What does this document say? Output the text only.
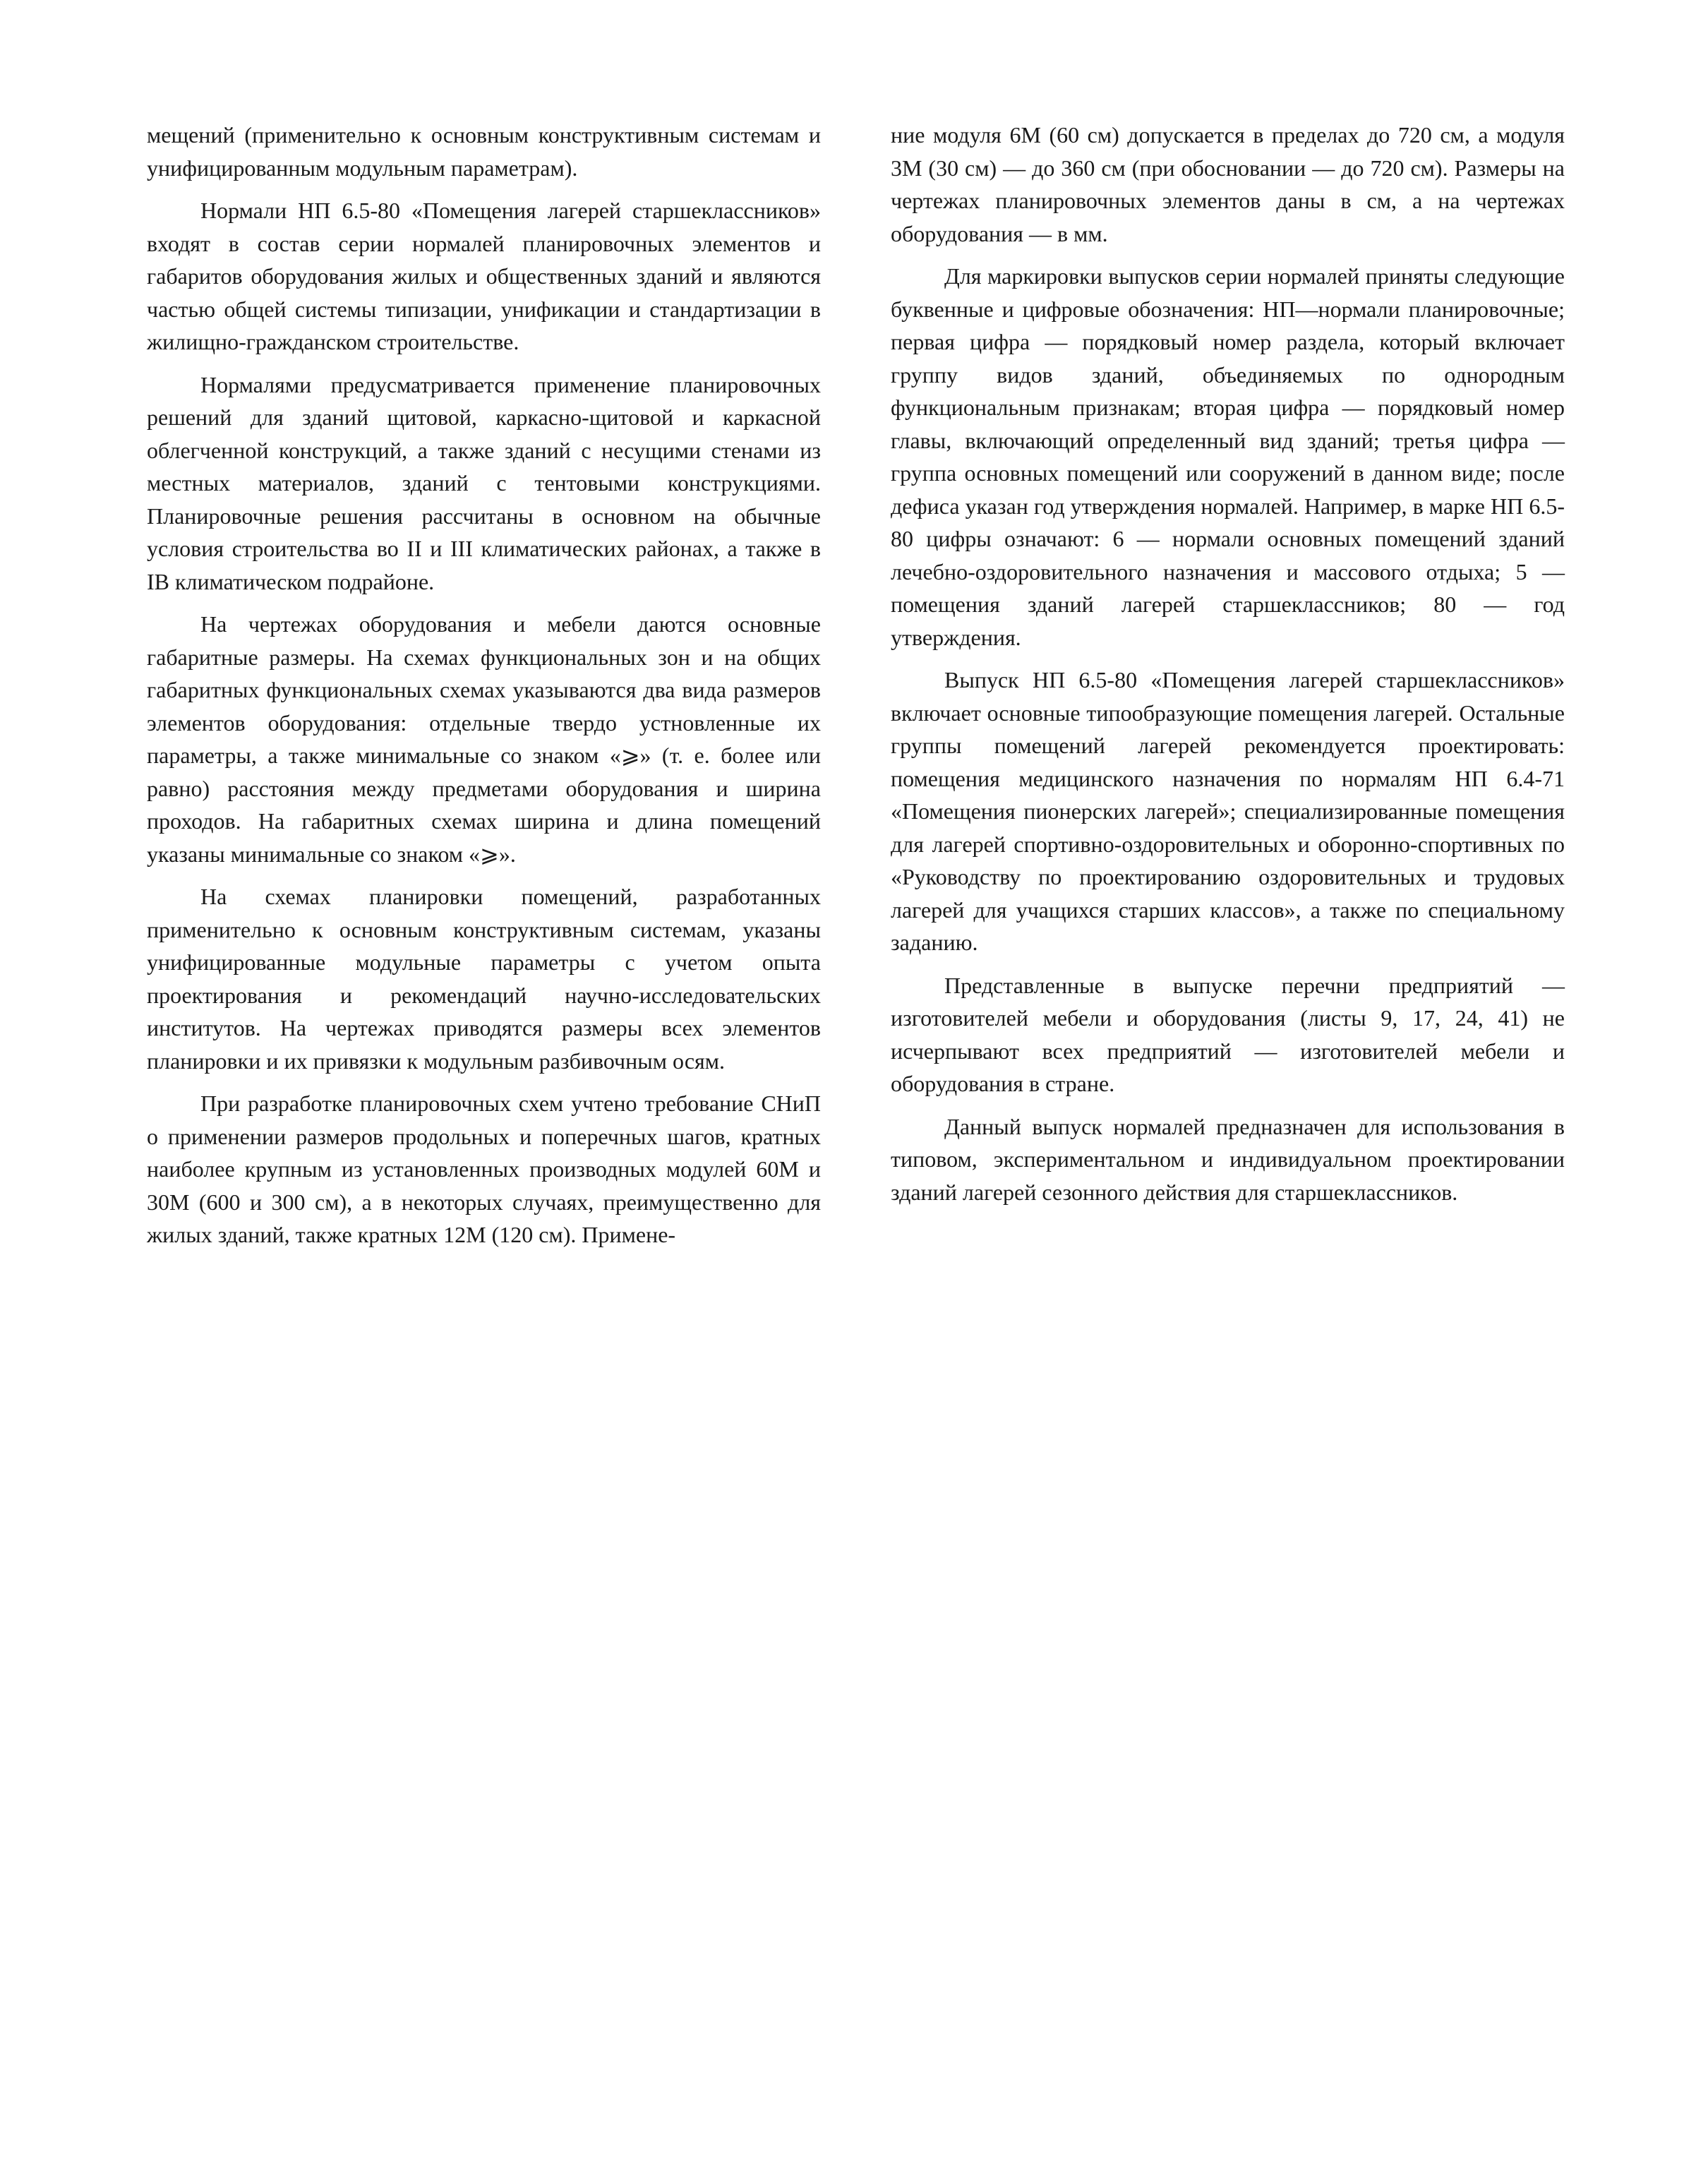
мещений (применительно к основным конструктивным системам и унифицированным модульным параметрам).

Нормали НП 6.5-80 «Помещения лагерей старшеклассников» входят в состав серии нормалей планировочных элементов и габаритов оборудования жилых и общественных зданий и являются частью общей системы типизации, унификации и стандартизации в жилищно-гражданском строительстве.

Нормалями предусматривается применение планировочных решений для зданий щитовой, каркасно-щитовой и каркасной облегченной конструкций, а также зданий с несущими стенами из местных материалов, зданий с тентовыми конструкциями. Планировочные решения рассчитаны в основном на обычные условия строительства во II и III климатических районах, а также в IB климатическом подрайоне.

На чертежах оборудования и мебели даются основные габаритные размеры. На схемах функциональных зон и на общих габаритных функциональных схемах указываются два вида размеров элементов оборудования: отдельные твердо устновленные их параметры, а также минимальные со знаком «⩾» (т. е. более или равно) расстояния между предметами оборудования и ширина проходов. На габаритных схемах ширина и длина помещений указаны минимальные со знаком «⩾».

На схемах планировки помещений, разработанных применительно к основным конструктивным системам, указаны унифицированные модульные параметры с учетом опыта проектирования и рекомендаций научно-исследовательских институтов. На чертежах приводятся размеры всех элементов планировки и их привязки к модульным разбивочным осям.

При разработке планировочных схем учтено требование СНиП о применении размеров продольных и поперечных шагов, кратных наиболее крупным из установленных производных модулей 60М и 30М (600 и 300 см), а в некоторых случаях, преимущественно для жилых зданий, также кратных 12М (120 см). Примене-

ние модуля 6М (60 см) допускается в пределах до 720 см, а модуля 3М (30 см) — до 360 см (при обосновании — до 720 см). Размеры на чертежах планировочных элементов даны в см, а на чертежах оборудования — в мм.

Для маркировки выпусков серии нормалей приняты следующие буквенные и цифровые обозначения: НП—нормали планировочные; первая цифра — порядковый номер раздела, который включает группу видов зданий, объединяемых по однородным функциональным признакам; вторая цифра — порядковый номер главы, включающий определенный вид зданий; третья цифра — группа основных помещений или сооружений в данном виде; после дефиса указан год утверждения нормалей. Например, в марке НП 6.5-80 цифры означают: 6 — нормали основных помещений зданий лечебно-оздоровительного назначения и массового отдыха; 5 — помещения зданий лагерей старшеклассников; 80 — год утверждения.

Выпуск НП 6.5-80 «Помещения лагерей старшеклассников» включает основные типообразующие помещения лагерей. Остальные группы помещений лагерей рекомендуется проектировать: помещения медицинского назначения по нормалям НП 6.4-71 «Помещения пионерских лагерей»; специализированные помещения для лагерей спортивно-оздоровительных и оборонно-спортивных по «Руководству по проектированию оздоровительных и трудовых лагерей для учащихся старших классов», а также по специальному заданию.

Представленные в выпуске перечни предприятий — изготовителей мебели и оборудования (листы 9, 17, 24, 41) не исчерпывают всех предприятий — изготовителей мебели и оборудования в стране.

Данный выпуск нормалей предназначен для использования в типовом, экспериментальном и индивидуальном проектировании зданий лагерей сезонного действия для старшеклассников.
